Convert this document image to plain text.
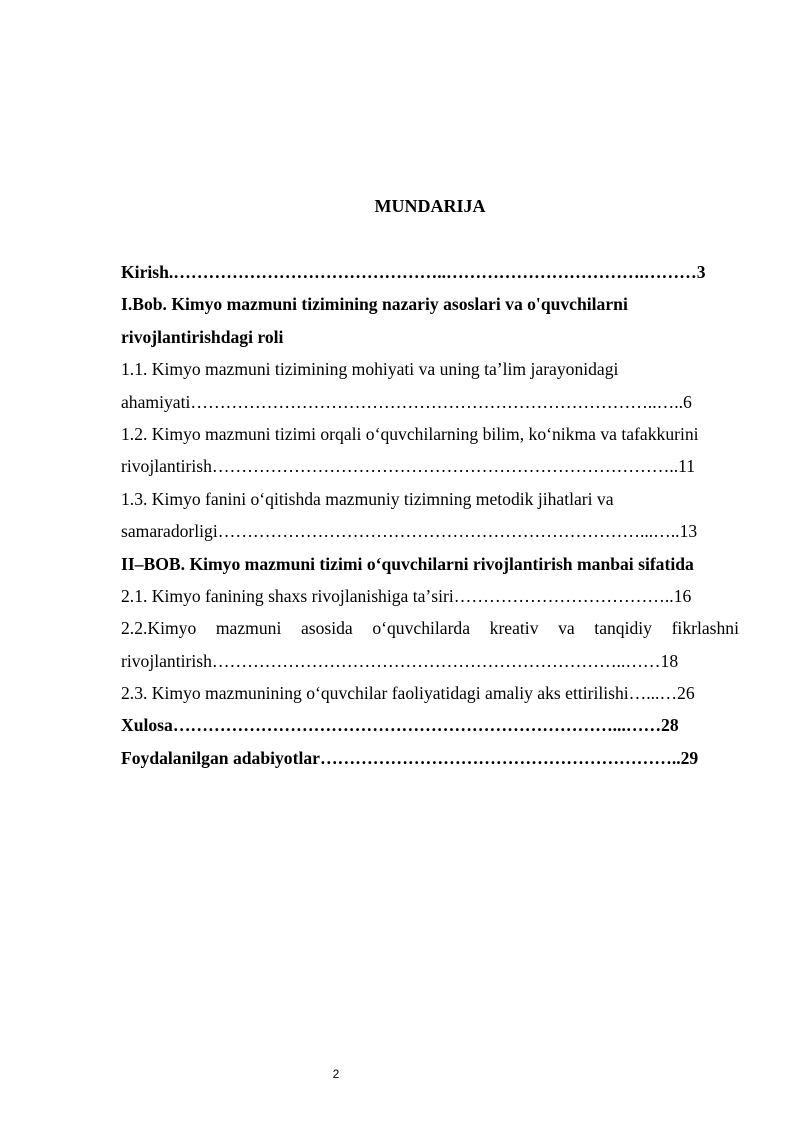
MUNDARIJA
Kirish.………………………………………..…………………………….………3
I.Bob. Kimyo mazmuni tizimining nazariy asoslari va o'quvchilarni
rivojlantirishdagi roli
1.1. Kimyo mazmuni tizimining mohiyati va uning ta’lim jarayonidagi
ahamiyati……………………………………………………………………..…..6
1.2. Kimyo mazmuni tizimi orqali oʻquvchilarning bilim, koʻnikma va tafakkurini
rivojlantirish……………………………………………………………………..11
1.3. Kimyo fanini oʻqitishda mazmuniy tizimning metodik jihatlari va
samaradorligi………………………………………………………………...…..13
II–BOB. Kimyo mazmuni tizimi oʻquvchilarni rivojlantirish manbai sifatida
2.1. Kimyo fanining shaxs rivojlanishiga taʼsiri………………………………..16
2.2.Kimyo mazmuni asosida oʻquvchilarda kreativ va tanqidiy fikrlashni
rivojlantirish……………………………………………………………..……18
2.3. Kimyo mazmunining oʻquvchilar faoliyatidagi amaliy aks ettirilishi…...…26
Xulosa…………………………………………………………………...……28
Foydalanilgan adabiyotlar……………………………………………………..29
2
